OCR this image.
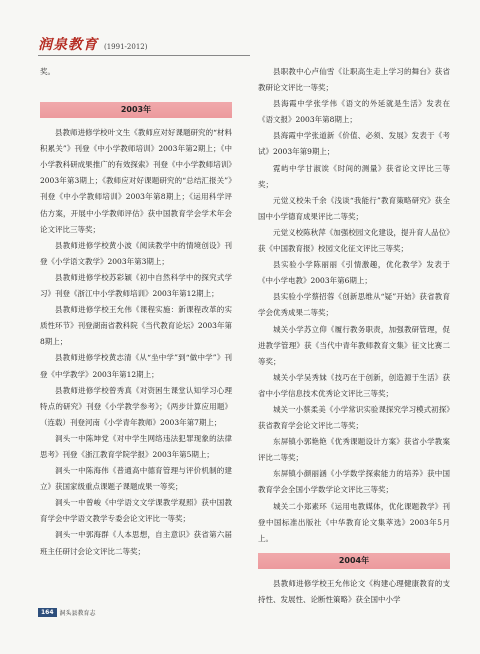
润泉教育 (1991-2012)

奖。

2003年

县教师进修学校叶文生《教师应对好课题研究的“材料积累关”》刊登《中小学教师培训》2003年第2期上；《中小学教科研成果推广的有效探索》刊登《中小学教师培训》2003年第3期上；《教师应对好课题研究的“总结汇报关”》刊登《中小学教师培训》2003年第8期上；《运用科学评估方案，开展中小学教师评估》获中国教育学会学术年会论文评比三等奖；

县教师进修学校黄小波《阅读教学中的情境创设》刊登《小学语文教学》2003年第3期上；

县教师进修学校苏彩颖《初中自然科学中的探究式学习》刊登《浙江中小学教师培训》2003年第12期上；

县教师进修学校王允伟《课程实施：新课程改革的实质性环节》刊登湖南省教科院《当代教育论坛》2003年第8期上；

县教师进修学校黄志清《从“坐中学”到“做中学”》刊登《中学教学》2003年第12期上；

县教师进修学校曾秀真《对资困生课堂认知学习心理特点的研究》刊登《小学教学参考》；《两步计算应用题》（连载）刊登河南《小学青年教师》2003年第7期上；

洞头一中陈坤党《对中学生网络违法犯罪现象的法律思考》刊登《浙江教育学院学报》2003年第5期上；

洞头一中陈海伟《普通高中德育管理与评价机制的建立》获国家级重点课题子课题成果一等奖；

洞头一中曾峻《中学语文文学课教学观照》获中国教育学会中学语文教学专委会论文评比一等奖；

洞头一中郭海群《人本思想，自主意识》获省第六届班主任研讨会论文评比二等奖；

县职教中心卢仙雪《让职高生走上学习的舞台》获省教研论文评比一等奖；

县海霞中学张学伟《语文的外延就是生活》发表在《语文报》2003年第8期上；

县海霞中学张道新《价值、必须、发展》发表于《考试》2003年第9期上；

霓屿中学甘淑诶《时间的测量》获省论文评比三等奖；

元觉义校朱千余《浅谈“我能行”教育策略研究》获全国中小学德育成果评比二等奖；

元觉义校陈秋萍《加强校园文化建设，提升育人品位》获《中国教育报》校园文化征文评比三等奖；

县实验小学陈丽丽《引情激趣，优化教学》发表于《中小学电教》2003年第6期上；

县实验小学蔡招蓉《创新思维从“疑”开始》获省教育学会优秀成果二等奖；

城关小学苏立仰《履行教务职责，加强教研管理，促进教学管理》获《当代中青年教师教育文集》征文比赛二等奖；

城关小学吴秀妹《技巧在于创新，创造源于生活》获省中小学信息技术优秀论文评比三等奖；

城关一小蔡柔美《小学常识实验课探究学习模式初探》获省教育学会论文评比二等奖；

东屏镇小郭艳艳《优秀课题设计方案》获省小学教案评比二等奖；

东屏镇小颜丽涵《小学数学探索能力的培养》获中国教育学会全国小学数学论文评比三等奖；

城关二小郑素环《运用电教媒体，优化课题教学》刊登中国标准出版社《中华教育论文集萃选》2003年5月上。

2004年

县教师进修学校王允伟论文《构建心理健康教育的支持性、发展性、论断性策略》获全国中小学

164	洞头县教育志
